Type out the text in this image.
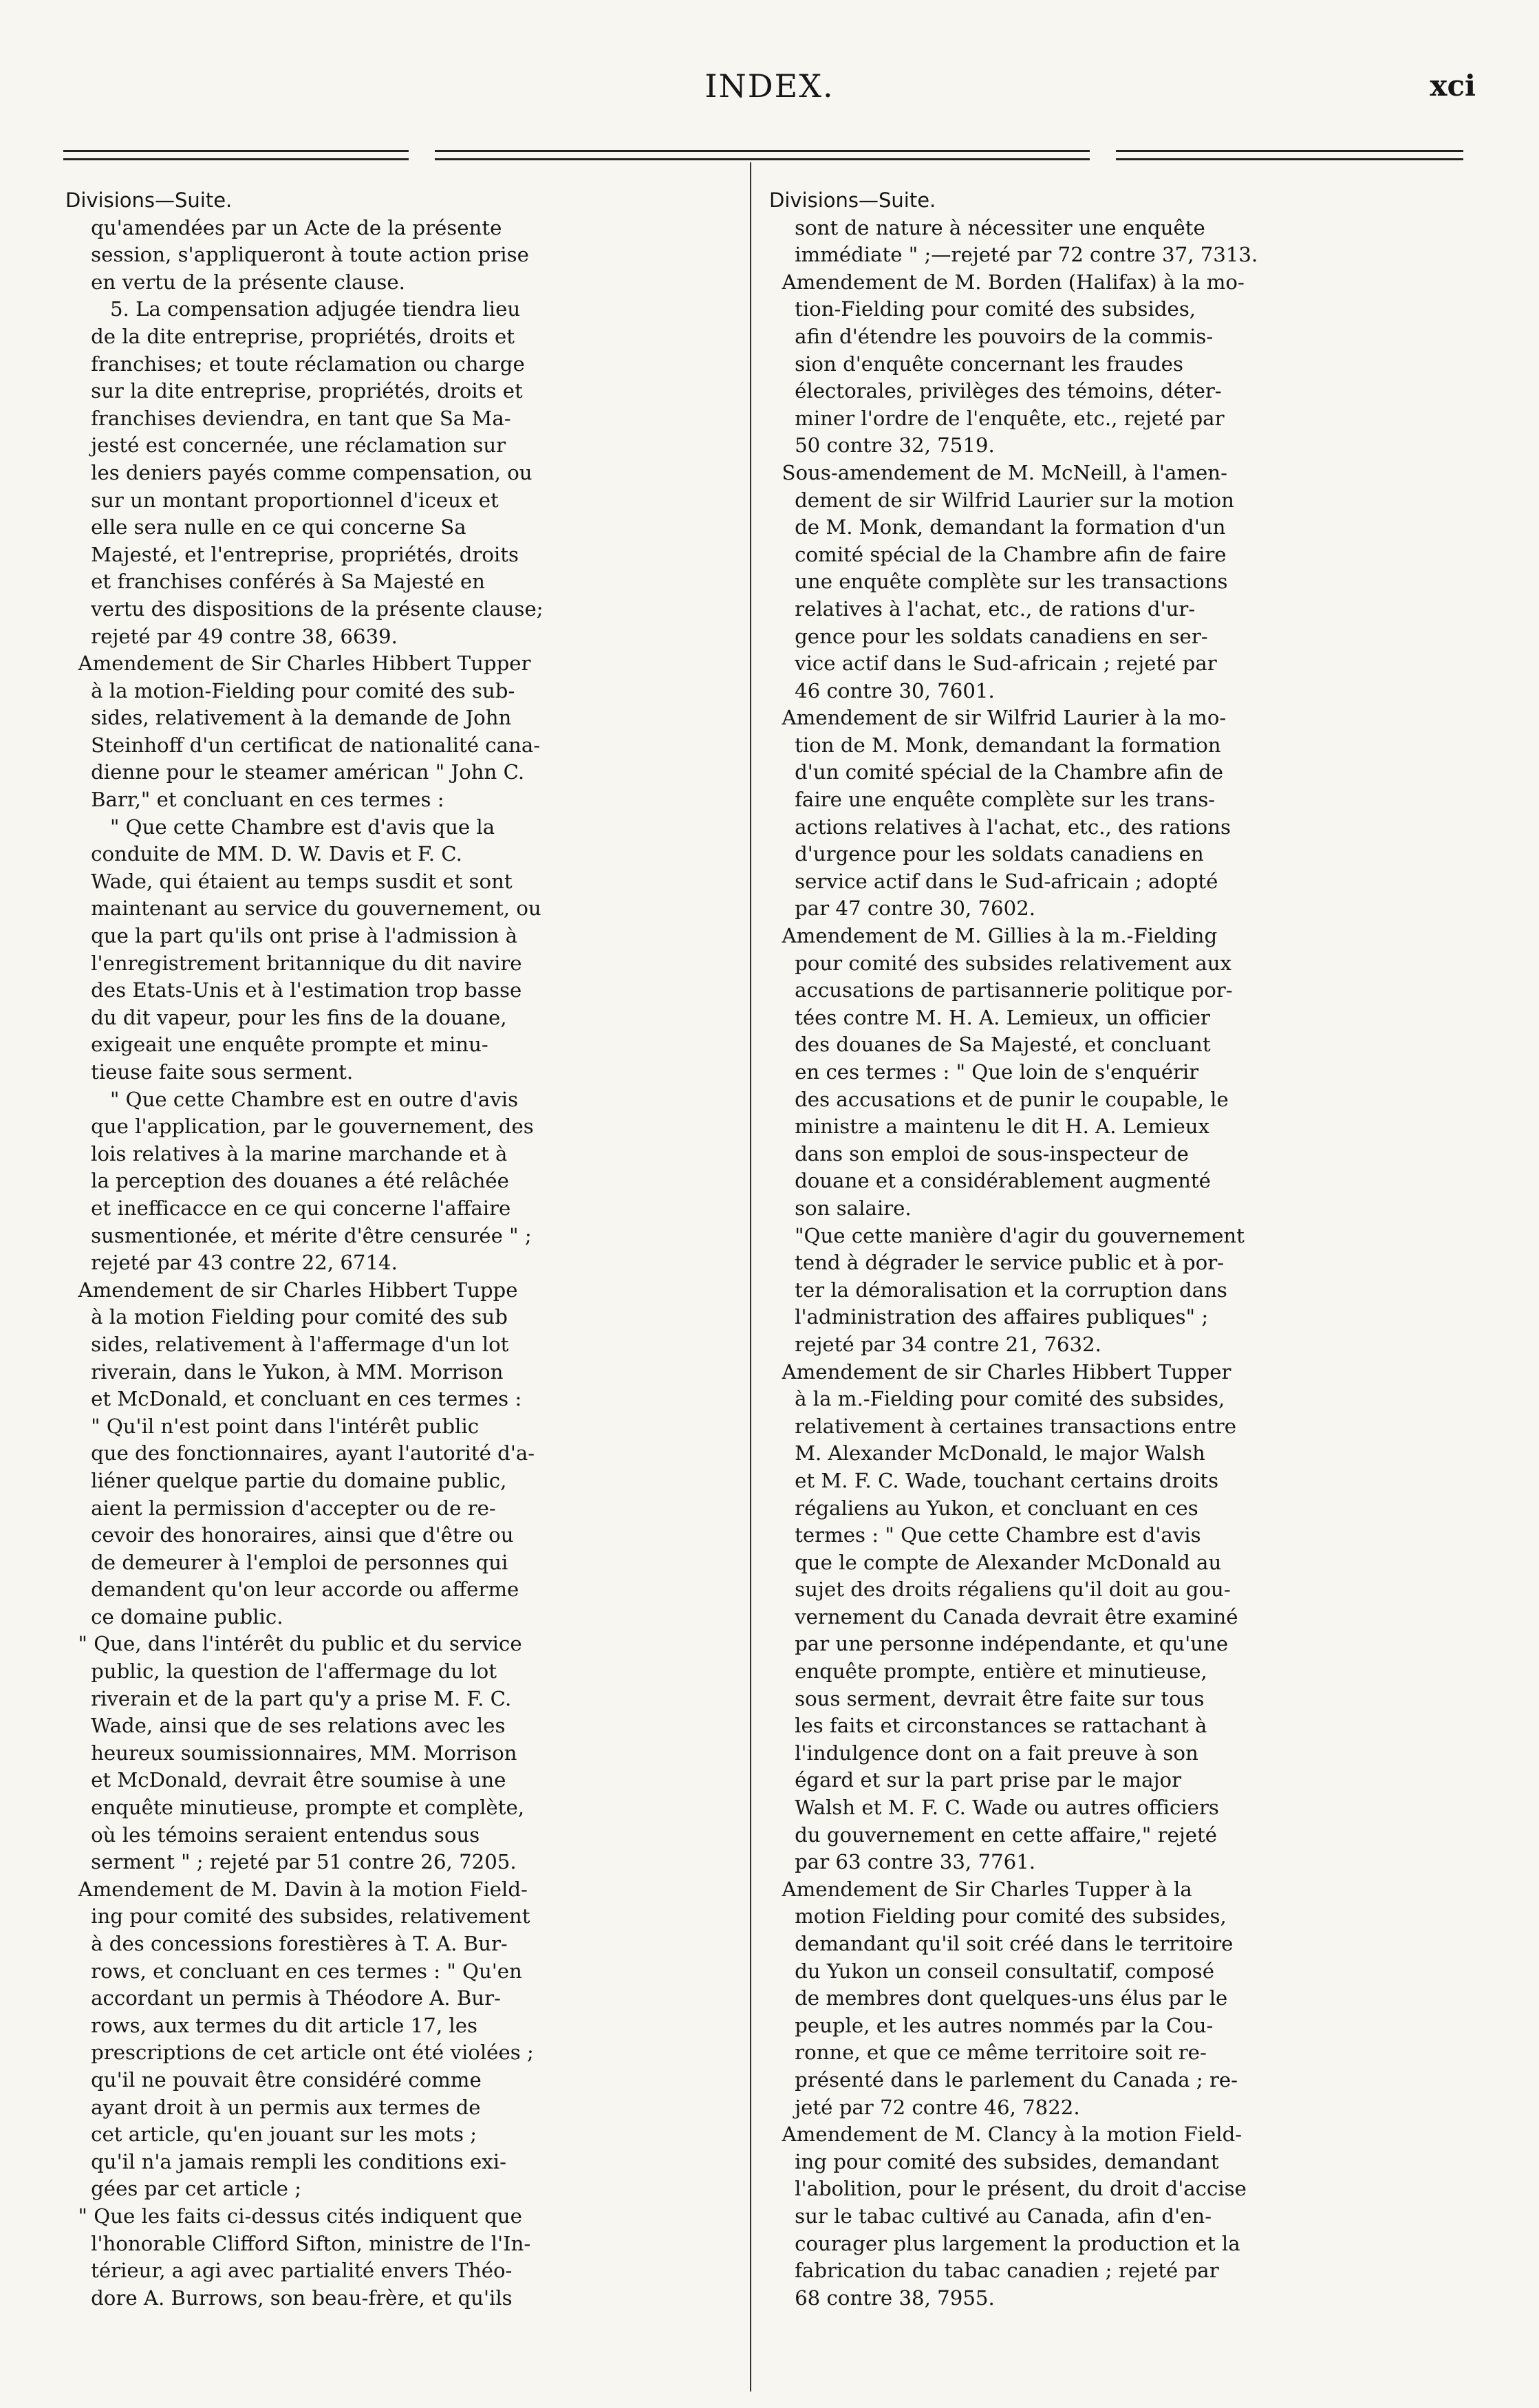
INDEX.	xci
Divisions—Suite.
qu'amendées par un Acte de la présente
session, s'appliqueront à toute action prise
en vertu de la présente clause.
5. La compensation adjugée tiendra lieu
de la dite entreprise, propriétés, droits et
franchises; et toute réclamation ou charge
sur la dite entreprise, propriétés, droits et
franchises deviendra, en tant que Sa Ma-
jesté est concernée, une réclamation sur
les deniers payés comme compensation, ou
sur un montant proportionnel d'iceux et
elle sera nulle en ce qui concerne Sa
Majesté, et l'entreprise, propriétés, droits
et franchises conférés à Sa Majesté en
vertu des dispositions de la présente clause;
rejeté par 49 contre 38, 6639.
Amendement de Sir Charles Hibbert Tupper
à la motion-Fielding pour comité des sub-
sides, relativement à la demande de John
Steinhoff d'un certificat de nationalité cana-
dienne pour le steamer américan " John C.
Barr," et concluant en ces termes :
" Que cette Chambre est d'avis que la
conduite de MM. D. W. Davis et F. C.
Wade, qui étaient au temps susdit et sont
maintenant au service du gouvernement, ou
que la part qu'ils ont prise à l'admission à
l'enregistrement britannique du dit navire
des Etats-Unis et à l'estimation trop basse
du dit vapeur, pour les fins de la douane,
exigeait une enquête prompte et minu-
tieuse faite sous serment.
" Que cette Chambre est en outre d'avis
que l'application, par le gouvernement, des
lois relatives à la marine marchande et à
la perception des douanes a été relâchée
et inefficacce en ce qui concerne l'affaire
susmentionée, et mérite d'être censurée " ;
rejeté par 43 contre 22, 6714.
Amendement de sir Charles Hibbert Tuppe
à la motion Fielding pour comité des sub
sides, relativement à l'affermage d'un lot
riverain, dans le Yukon, à MM. Morrison
et McDonald, et concluant en ces termes :
" Qu'il n'est point dans l'intérêt public
que des fonctionnaires, ayant l'autorité d'a-
liéner quelque partie du domaine public,
aient la permission d'accepter ou de re-
cevoir des honoraires, ainsi que d'être ou
de demeurer à l'emploi de personnes qui
demandent qu'on leur accorde ou afferme
ce domaine public.
" Que, dans l'intérêt du public et du service
public, la question de l'affermage du lot
riverain et de la part qu'y a prise M. F. C.
Wade, ainsi que de ses relations avec les
heureux soumissionnaires, MM. Morrison
et McDonald, devrait être soumise à une
enquête minutieuse, prompte et complète,
où les témoins seraient entendus sous
serment " ; rejeté par 51 contre 26, 7205.
Amendement de M. Davin à la motion Field-
ing pour comité des subsides, relativement
à des concessions forestières à T. A. Bur-
rows, et concluant en ces termes : " Qu'en
accordant un permis à Théodore A. Bur-
rows, aux termes du dit article 17, les
prescriptions de cet article ont été violées ;
qu'il ne pouvait être considéré comme
ayant droit à un permis aux termes de
cet article, qu'en jouant sur les mots ;
qu'il n'a jamais rempli les conditions exi-
gées par cet article ;
" Que les faits ci-dessus cités indiquent que
l'honorable Clifford Sifton, ministre de l'In-
térieur, a agi avec partialité envers Théo-
dore A. Burrows, son beau-frère, et qu'ils
Divisions—Suite.
sont de nature à nécessiter une enquête
immédiate " ;—rejeté par 72 contre 37, 7313.
Amendement de M. Borden (Halifax) à la mo-
tion-Fielding pour comité des subsides,
afin d'étendre les pouvoirs de la commis-
sion d'enquête concernant les fraudes
électorales, privilèges des témoins, déter-
miner l'ordre de l'enquête, etc., rejeté par
50 contre 32, 7519.
Sous-amendement de M. McNeill, à l'amen-
dement de sir Wilfrid Laurier sur la motion
de M. Monk, demandant la formation d'un
comité spécial de la Chambre afin de faire
une enquête complète sur les transactions
relatives à l'achat, etc., de rations d'ur-
gence pour les soldats canadiens en ser-
vice actif dans le Sud-africain ; rejeté par
46 contre 30, 7601.
Amendement de sir Wilfrid Laurier à la mo-
tion de M. Monk, demandant la formation
d'un comité spécial de la Chambre afin de
faire une enquête complète sur les trans-
actions relatives à l'achat, etc., des rations
d'urgence pour les soldats canadiens en
service actif dans le Sud-africain ; adopté
par 47 contre 30, 7602.
Amendement de M. Gillies à la m.-Fielding
pour comité des subsides relativement aux
accusations de partisannerie politique por-
tées contre M. H. A. Lemieux, un officier
des douanes de Sa Majesté, et concluant
en ces termes : " Que loin de s'enquérir
des accusations et de punir le coupable, le
ministre a maintenu le dit H. A. Lemieux
dans son emploi de sous-inspecteur de
douane et a considérablement augmenté
son salaire.
"Que cette manière d'agir du gouvernement
tend à dégrader le service public et à por-
ter la démoralisation et la corruption dans
l'administration des affaires publiques" ;
rejeté par 34 contre 21, 7632.
Amendement de sir Charles Hibbert Tupper
à la m.-Fielding pour comité des subsides,
relativement à certaines transactions entre
M. Alexander McDonald, le major Walsh
et M. F. C. Wade, touchant certains droits
régaliens au Yukon, et concluant en ces
termes : " Que cette Chambre est d'avis
que le compte de Alexander McDonald au
sujet des droits régaliens qu'il doit au gou-
vernement du Canada devrait être examiné
par une personne indépendante, et qu'une
enquête prompte, entière et minutieuse,
sous serment, devrait être faite sur tous
les faits et circonstances se rattachant à
l'indulgence dont on a fait preuve à son
égard et sur la part prise par le major
Walsh et M. F. C. Wade ou autres officiers
du gouvernement en cette affaire," rejeté
par 63 contre 33, 7761.
Amendement de Sir Charles Tupper à la
motion Fielding pour comité des subsides,
demandant qu'il soit créé dans le territoire
du Yukon un conseil consultatif, composé
de membres dont quelques-uns élus par le
peuple, et les autres nommés par la Cou-
ronne, et que ce même territoire soit re-
présenté dans le parlement du Canada ; re-
jeté par 72 contre 46, 7822.
Amendement de M. Clancy à la motion Field-
ing pour comité des subsides, demandant
l'abolition, pour le présent, du droit d'accise
sur le tabac cultivé au Canada, afin d'en-
courager plus largement la production et la
fabrication du tabac canadien ; rejeté par
68 contre 38, 7955.
